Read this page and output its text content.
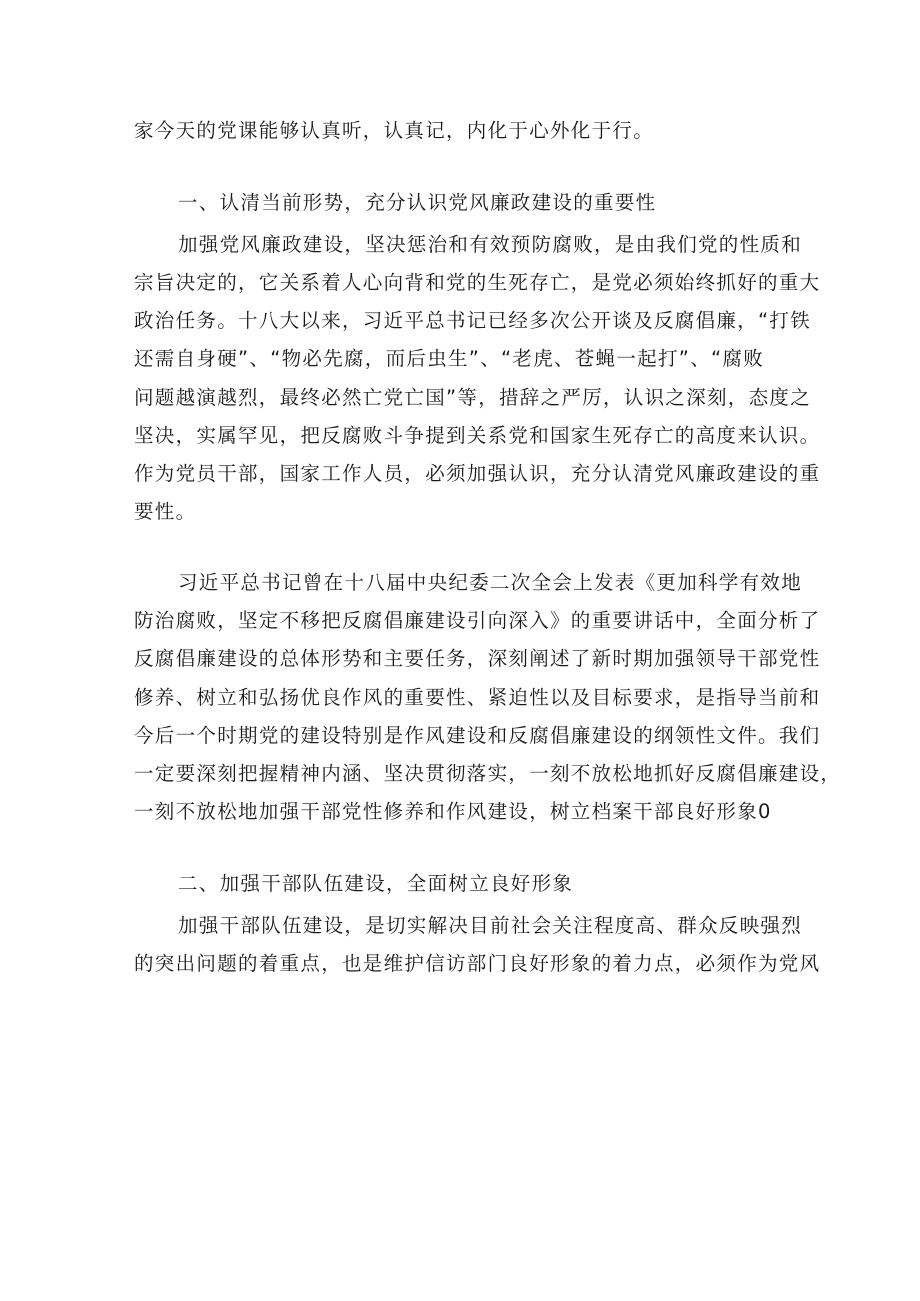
家今天的党课能够认真听，认真记，内化于心外化于行。
一、认清当前形势，充分认识党风廉政建设的重要性
加强党风廉政建设，坚决惩治和有效预防腐败，是由我们党的性质和
宗旨决定的，它关系着人心向背和党的生死存亡，是党必须始终抓好的重大
政治任务。十八大以来，习近平总书记已经多次公开谈及反腐倡廉，“打铁
还需自身硬”、“物必先腐，而后虫生”、“老虎、苍蝇一起打”、“腐败
问题越演越烈，最终必然亡党亡国”等，措辞之严厉，认识之深刻，态度之
坚决，实属罕见，把反腐败斗争提到关系党和国家生死存亡的高度来认识。
作为党员干部，国家工作人员，必须加强认识，充分认清党风廉政建设的重
要性。
习近平总书记曾在十八届中央纪委二次全会上发表《更加科学有效地
防治腐败，坚定不移把反腐倡廉建设引向深入》的重要讲话中，全面分析了
反腐倡廉建设的总体形势和主要任务，深刻阐述了新时期加强领导干部党性
修养、树立和弘扬优良作风的重要性、紧迫性以及目标要求，是指导当前和
今后一个时期党的建设特别是作风建设和反腐倡廉建设的纲领性文件。我们
一定要深刻把握精神内涵、坚决贯彻落实，一刻不放松地抓好反腐倡廉建设，
一刻不放松地加强干部党性修养和作风建设，树立档案干部良好形象0
二、加强干部队伍建设，全面树立良好形象
加强干部队伍建设，是切实解决目前社会关注程度高、群众反映强烈
的突出问题的着重点，也是维护信访部门良好形象的着力点，必须作为党风
